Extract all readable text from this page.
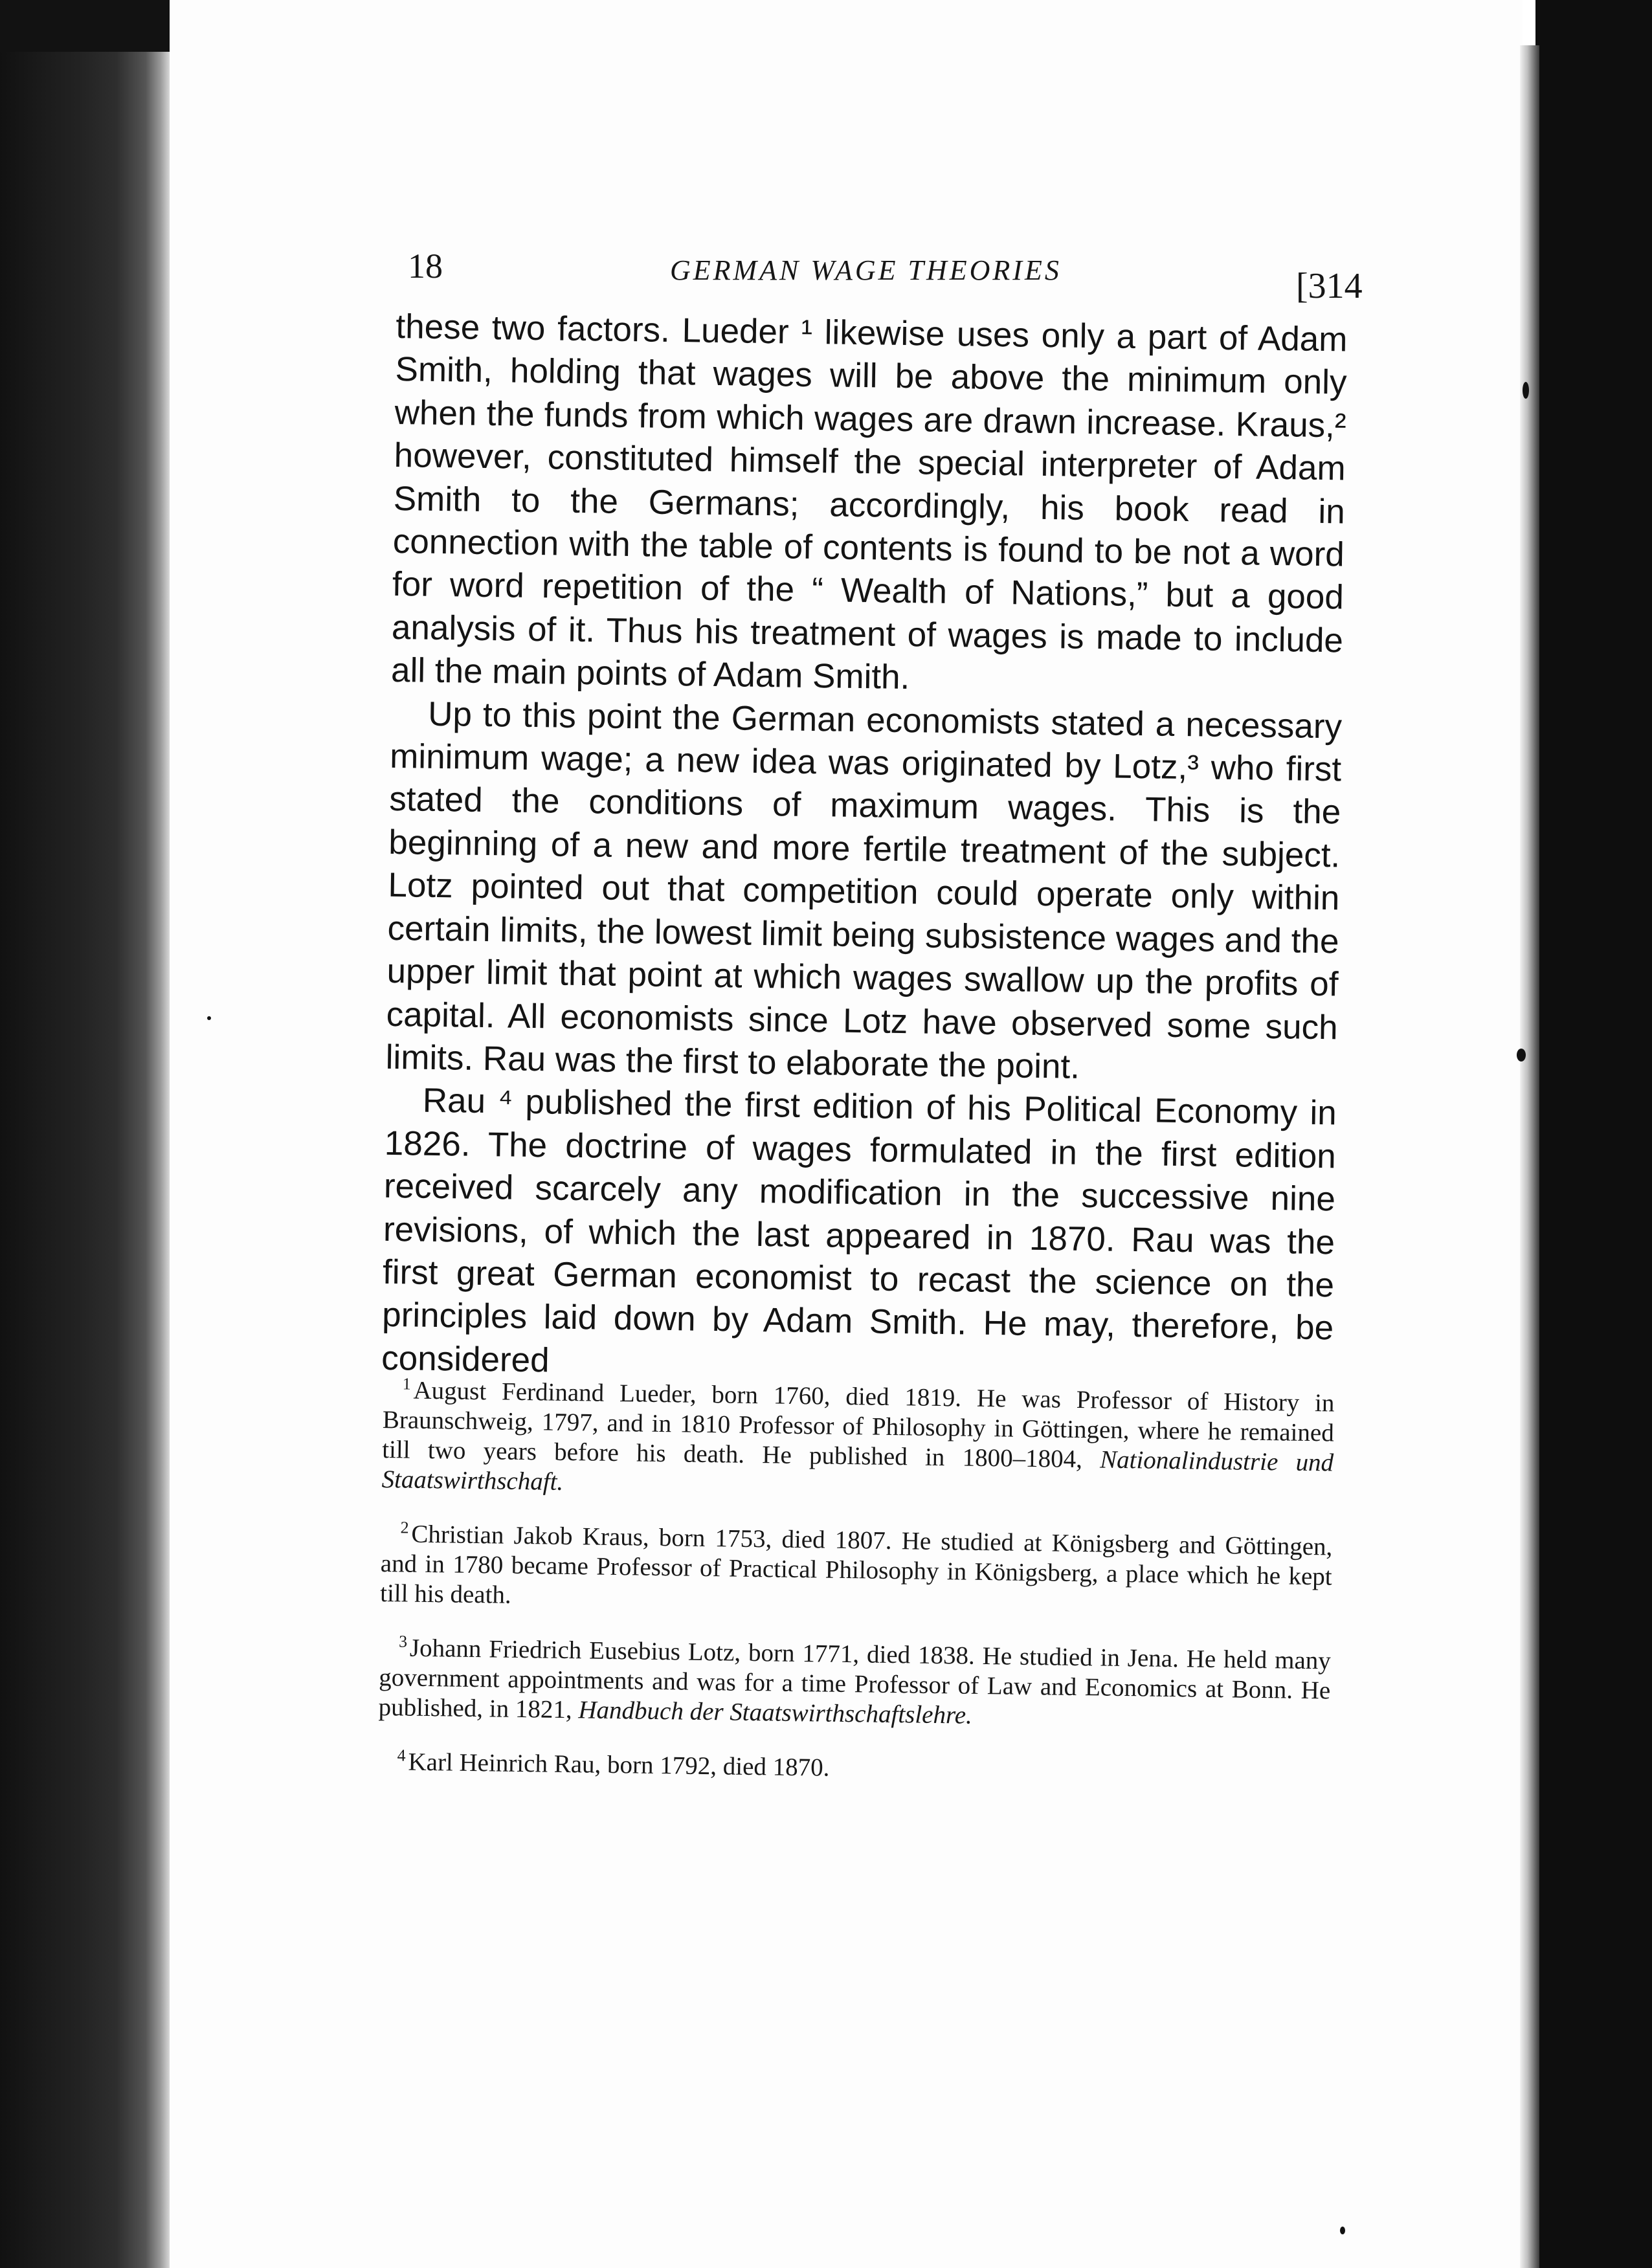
18	GERMAN WAGE THEORIES	[314

these two factors. Lueder ¹ likewise uses only a part of Adam Smith, holding that wages will be above the minimum only when the funds from which wages are drawn increase. Kraus,² however, constituted himself the special interpreter of Adam Smith to the Germans; accordingly, his book read in connection with the table of contents is found to be not a word for word repetition of the “ Wealth of Nations,” but a good analysis of it. Thus his treatment of wages is made to include all the main points of Adam Smith.

Up to this point the German economists stated a necessary minimum wage; a new idea was originated by Lotz,³ who first stated the conditions of maximum wages. This is the beginning of a new and more fertile treatment of the subject. Lotz pointed out that competition could operate only within certain limits, the lowest limit being subsistence wages and the upper limit that point at which wages swallow up the profits of capital. All economists since Lotz have observed some such limits. Rau was the first to elaborate the point.

Rau ⁴ published the first edition of his Political Economy in 1826. The doctrine of wages formulated in the first edition received scarcely any modification in the successive nine revisions, of which the last appeared in 1870. Rau was the first great German economist to recast the science on the principles laid down by Adam Smith. He may, therefore, be considered

$^1$August Ferdinand Lueder, born 1760, died 1819. He was Professor of History in Braunschweig, 1797, and in 1810 Professor of Philosophy in Göttingen, where he remained till two years before his death. He published in 1800–1804, Nationalindustrie und Staatswirthschaft.

$^2$Christian Jakob Kraus, born 1753, died 1807. He studied at Königsberg and Göttingen, and in 1780 became Professor of Practical Philosophy in Königsberg, a place which he kept till his death.

$^3$Johann Friedrich Eusebius Lotz, born 1771, died 1838. He studied in Jena. He held many government appointments and was for a time Professor of Law and Economics at Bonn. He published, in 1821, Handbuch der Staatswirthschaftslehre.

$^4$Karl Heinrich Rau, born 1792, died 1870.
